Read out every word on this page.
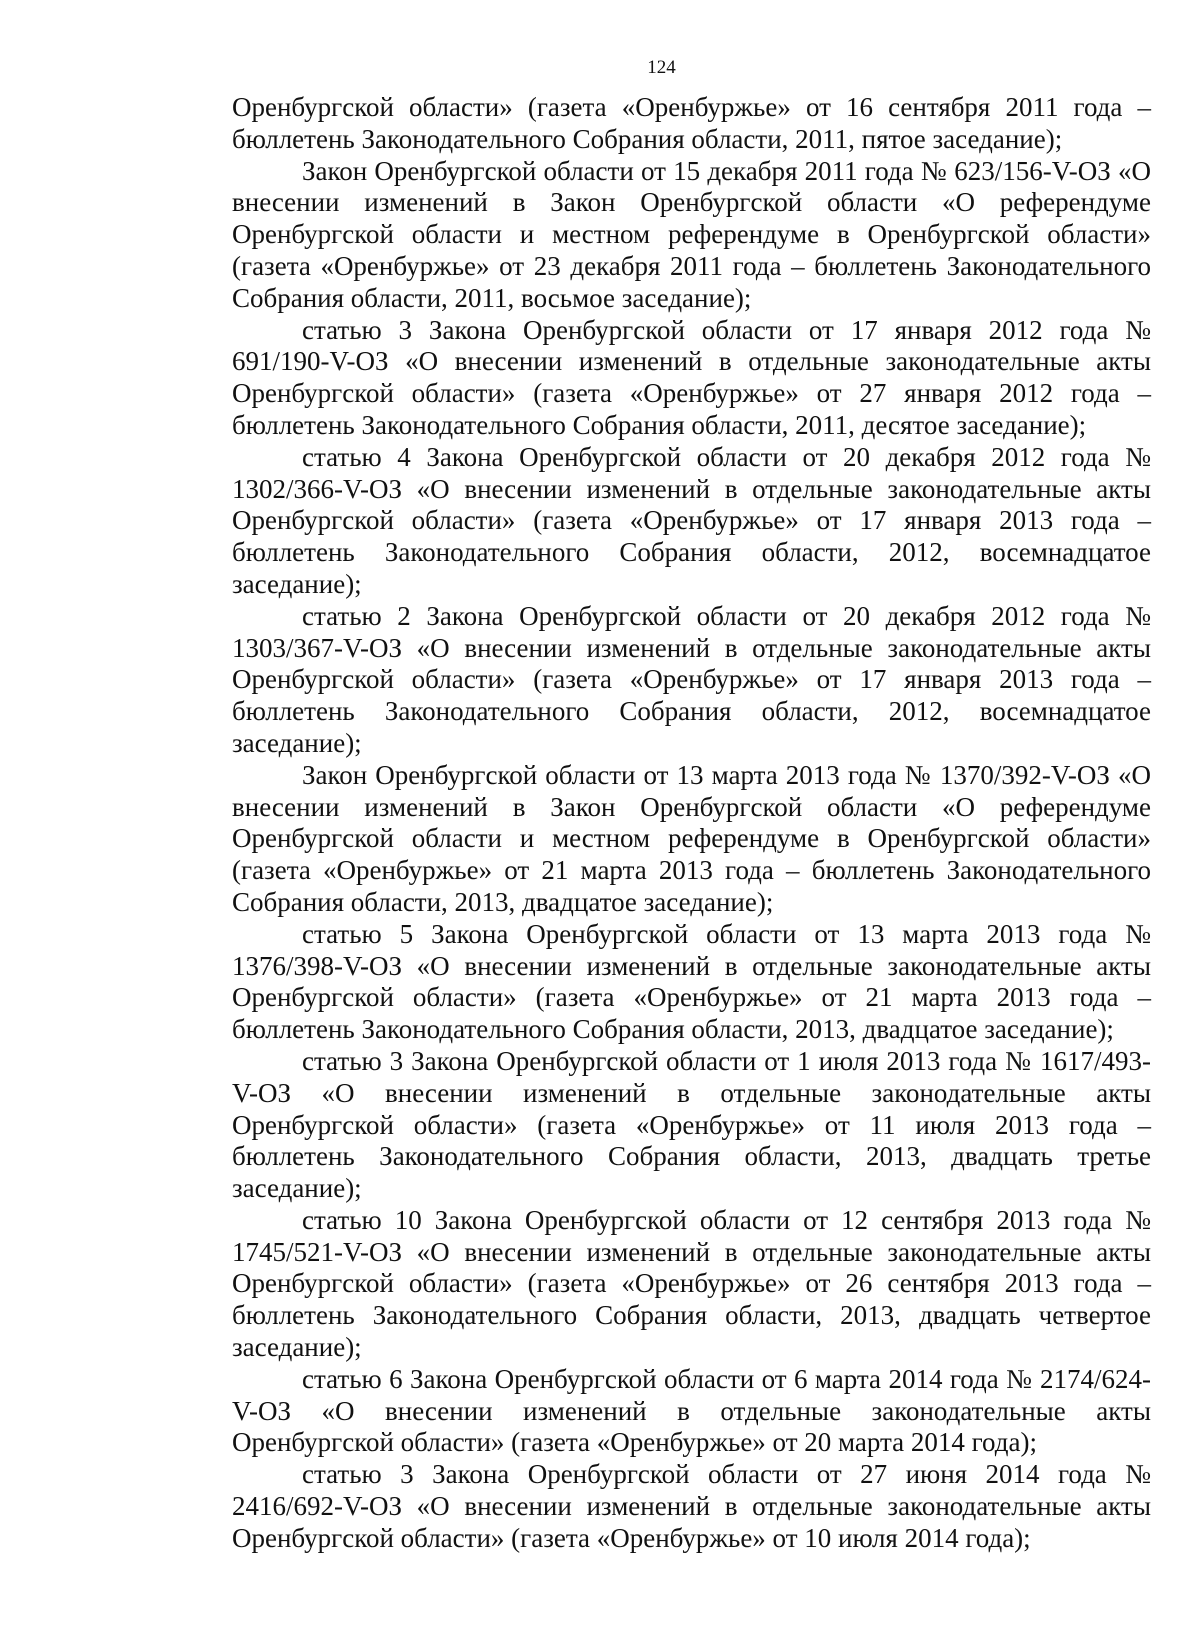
124

Оренбургской области» (газета «Оренбуржье» от 16 сентября 2011 года – бюллетень Законодательного Собрания области, 2011, пятое заседание);

Закон Оренбургской области от 15 декабря 2011 года № 623/156-V-ОЗ «О внесении изменений в Закон Оренбургской области «О референдуме Оренбургской области и местном референдуме в Оренбургской области» (газета «Оренбуржье» от 23 декабря 2011 года – бюллетень Законодательного Собрания области, 2011, восьмое заседание);

статью 3 Закона Оренбургской области от 17 января 2012 года № 691/190-V-ОЗ «О внесении изменений в отдельные законодательные акты Оренбургской области» (газета «Оренбуржье» от 27 января 2012 года – бюллетень Законодательного Собрания области, 2011, десятое заседание);

статью 4 Закона Оренбургской области от 20 декабря 2012 года № 1302/366-V-ОЗ «О внесении изменений в отдельные законодательные акты Оренбургской области» (газета «Оренбуржье» от 17 января 2013 года – бюллетень Законодательного Собрания области, 2012, восемнадцатое заседание);

статью 2 Закона Оренбургской области от 20 декабря 2012 года № 1303/367-V-ОЗ «О внесении изменений в отдельные законодательные акты Оренбургской области» (газета «Оренбуржье» от 17 января 2013 года – бюллетень Законодательного Собрания области, 2012, восемнадцатое заседание);

Закон Оренбургской области от 13 марта 2013 года № 1370/392-V-ОЗ «О внесении изменений в Закон Оренбургской области «О референдуме Оренбургской области и местном референдуме в Оренбургской области» (газета «Оренбуржье» от 21 марта 2013 года – бюллетень Законодательного Собрания области, 2013, двадцатое заседание);

статью 5 Закона Оренбургской области от 13 марта 2013 года № 1376/398-V-ОЗ «О внесении изменений в отдельные законодательные акты Оренбургской области» (газета «Оренбуржье» от 21 марта 2013 года – бюллетень Законодательного Собрания области, 2013, двадцатое заседание);

статью 3 Закона Оренбургской области от 1 июля 2013 года № 1617/493-V-ОЗ «О внесении изменений в отдельные законодательные акты Оренбургской области» (газета «Оренбуржье» от 11 июля 2013 года – бюллетень Законодательного Собрания области, 2013, двадцать третье заседание);

статью 10 Закона Оренбургской области от 12 сентября 2013 года № 1745/521-V-ОЗ «О внесении изменений в отдельные законодательные акты Оренбургской области» (газета «Оренбуржье» от 26 сентября 2013 года – бюллетень Законодательного Собрания области, 2013, двадцать четвертое заседание);

статью 6 Закона Оренбургской области от 6 марта 2014 года № 2174/624-V-ОЗ «О внесении изменений в отдельные законодательные акты Оренбургской области» (газета «Оренбуржье» от 20 марта 2014 года);

статью 3 Закона Оренбургской области от 27 июня 2014 года № 2416/692-V-ОЗ «О внесении изменений в отдельные законодательные акты Оренбургской области» (газета «Оренбуржье» от 10 июля 2014 года);
